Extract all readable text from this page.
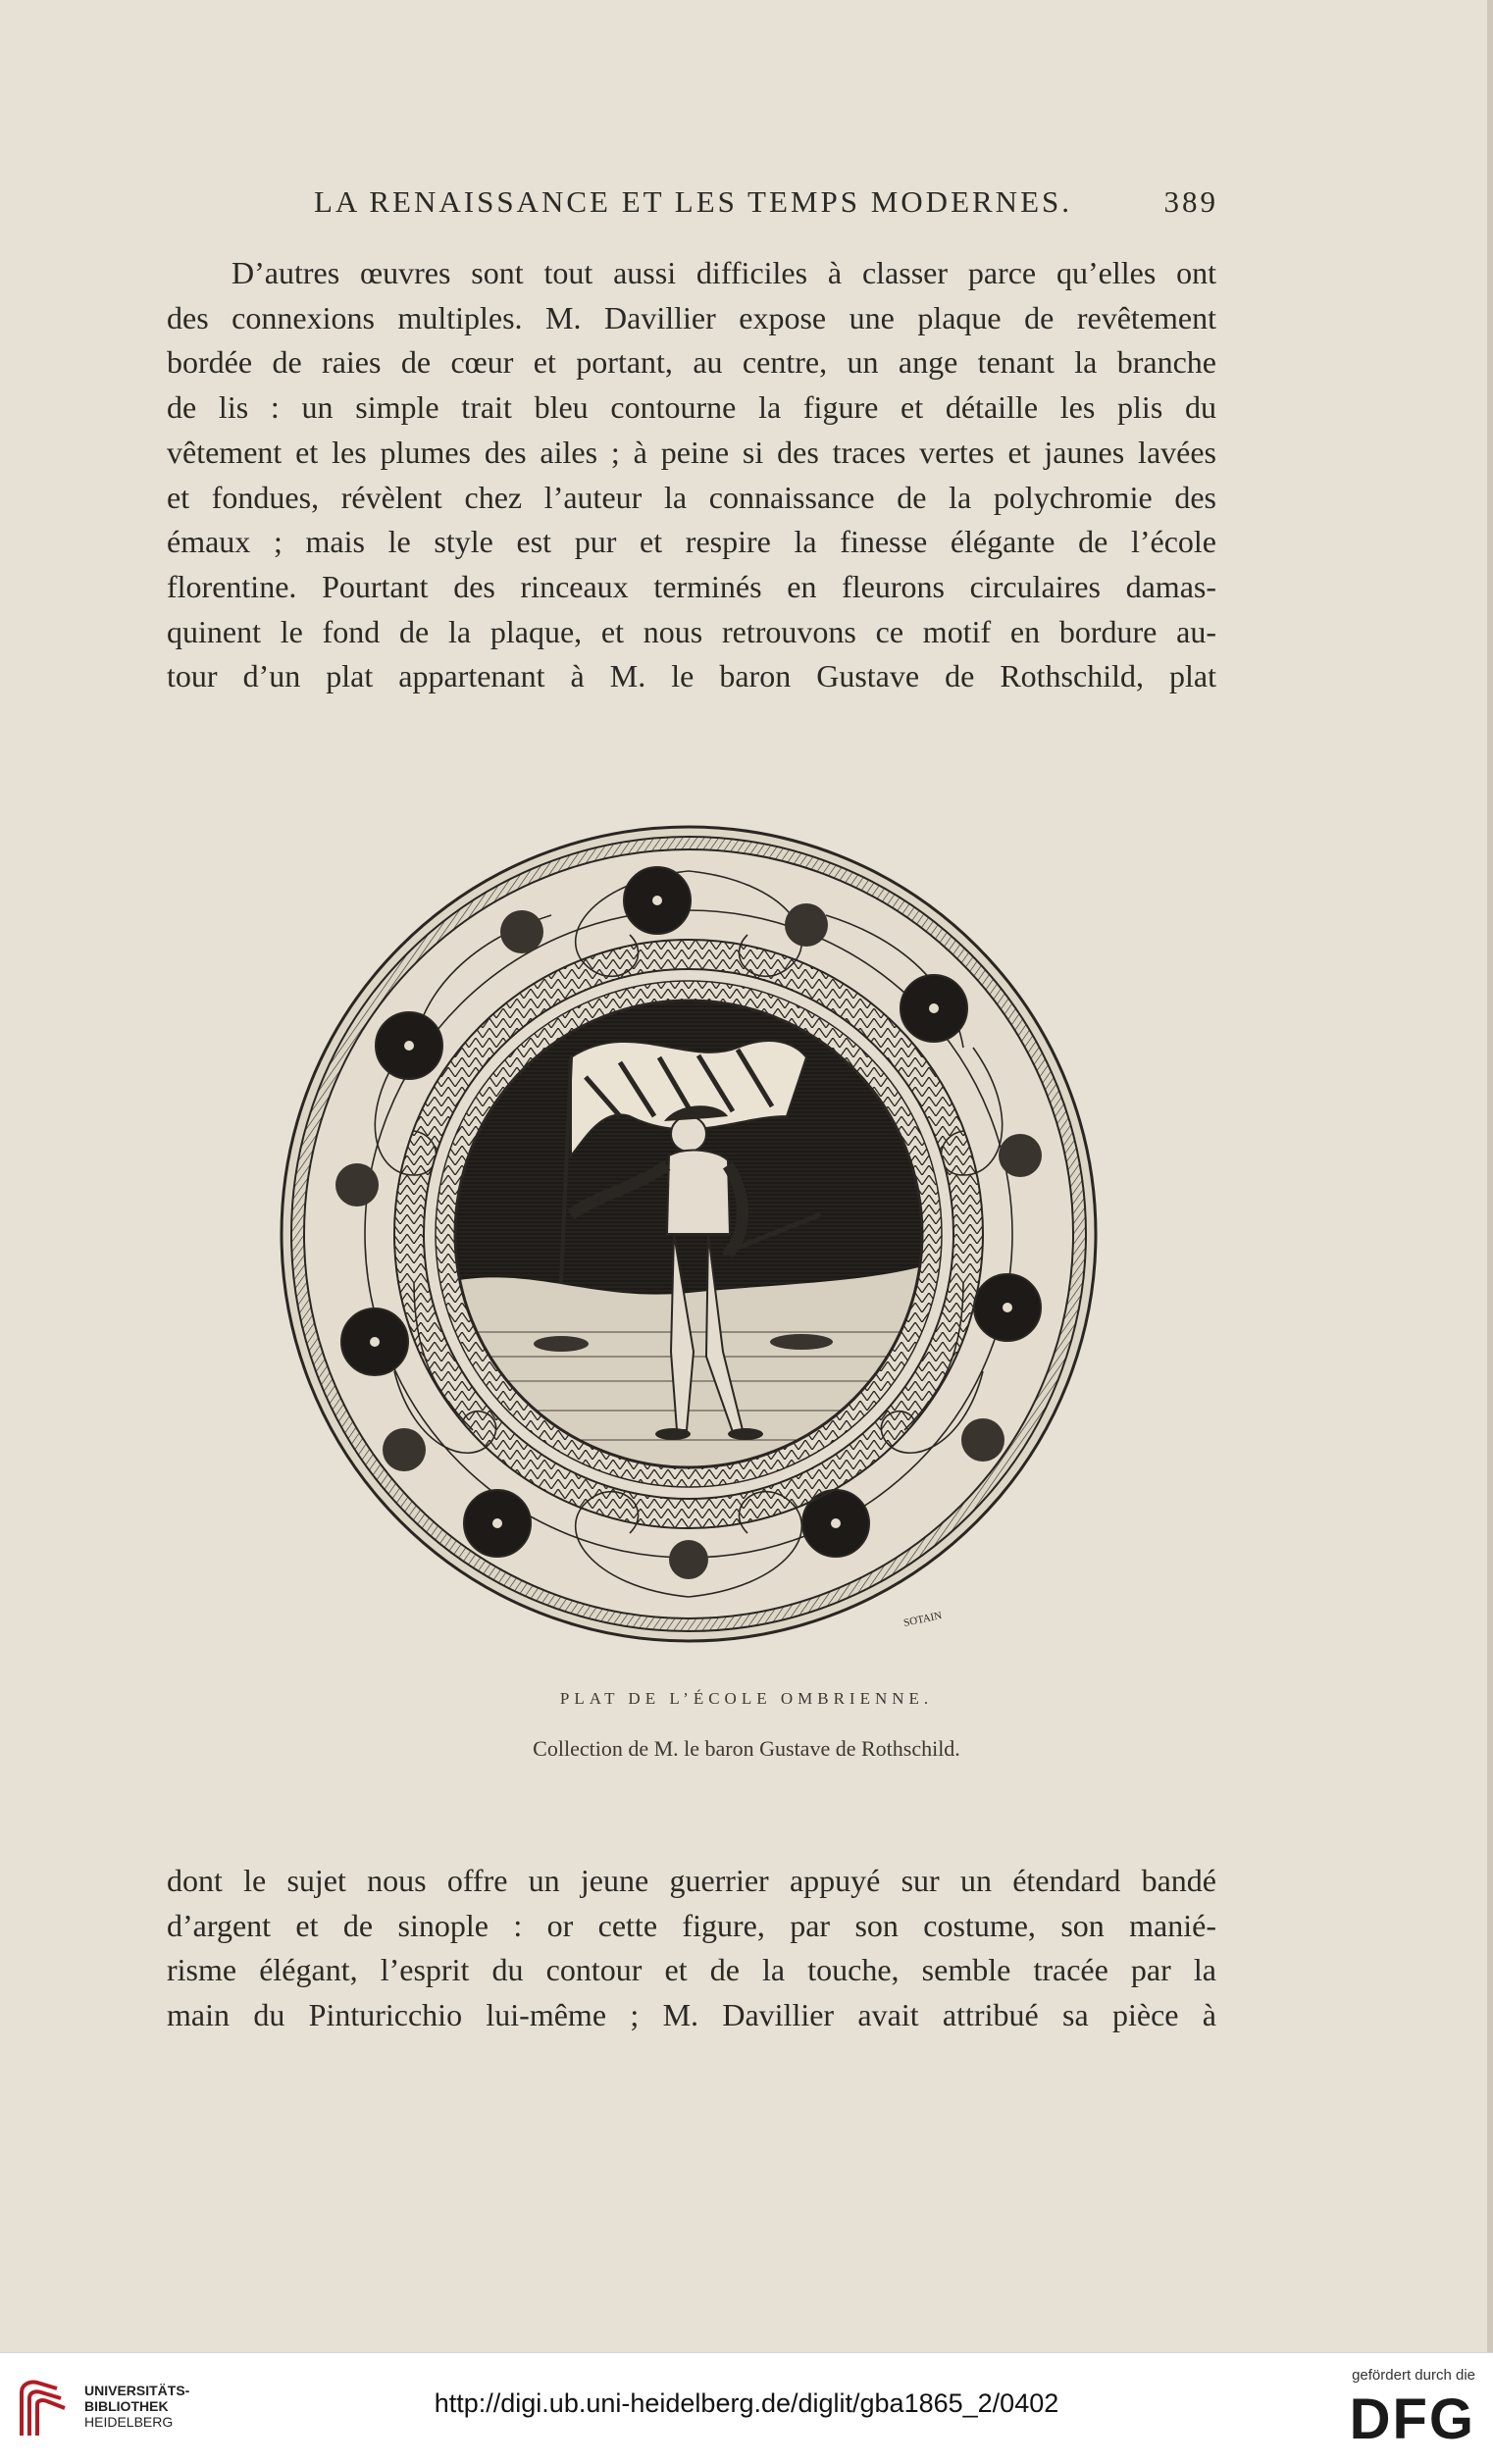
LA RENAISSANCE ET LES TEMPS MODERNES.	389
D’autres œuvres sont tout aussi difficiles à classer parce qu’elles ont
des connexions multiples. M. Davillier expose une plaque de revêtement
bordée de raies de cœur et portant, au centre, un ange tenant la branche
de lis : un simple trait bleu contourne la figure et détaille les plis du
vêtement et les plumes des ailes ; à peine si des traces vertes et jaunes lavées
et fondues, révèlent chez l’auteur la connaissance de la polychromie des
émaux ; mais le style est pur et respire la finesse élégante de l’école
florentine. Pourtant des rinceaux terminés en fleurons circulaires damas-
quinent le fond de la plaque, et nous retrouvons ce motif en bordure au-
tour d’un plat appartenant à M. le baron Gustave de Rothschild, plat
SOTAIN
PLAT DE L’ÉCOLE OMBRIENNE.
Collection de M. le baron Gustave de Rothschild.
dont le sujet nous offre un jeune guerrier appuyé sur un étendard bandé
d’argent et de sinople : or cette figure, par son costume, son manié-
risme élégant, l’esprit du contour et de la touche, semble tracée par la
main du Pinturicchio lui-même ; M. Davillier avait attribué sa pièce à
UNIVERSITÄTS-
BIBLIOTHEK
HEIDELBERG
http://digi.ub.uni-heidelberg.de/diglit/gba1865_2/0402
gefördert durch die
DFG
